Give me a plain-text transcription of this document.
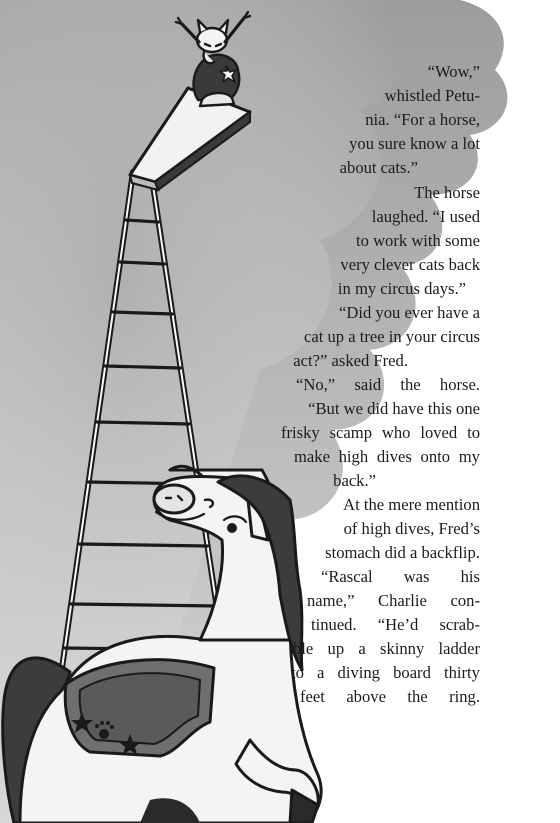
“Wow,”
whistled Petu-
nia. “For a horse,
you sure know a lot
about cats.”
The horse
laughed. “I used
to work with some
very clever cats back
in my circus days.”
“Did you ever have a
cat up a tree in your circus
act?” asked Fred.
“No,” said the horse.
“But we did have this one
frisky scamp who loved to
make high dives onto my
back.”
At the mere mention
of high dives, Fred’s
stomach did a backflip.
“Rascal was his
name,” Charlie con-
tinued. “He’d scrab-
ble up a skinny ladder
to a diving board thirty
feet above the ring.
